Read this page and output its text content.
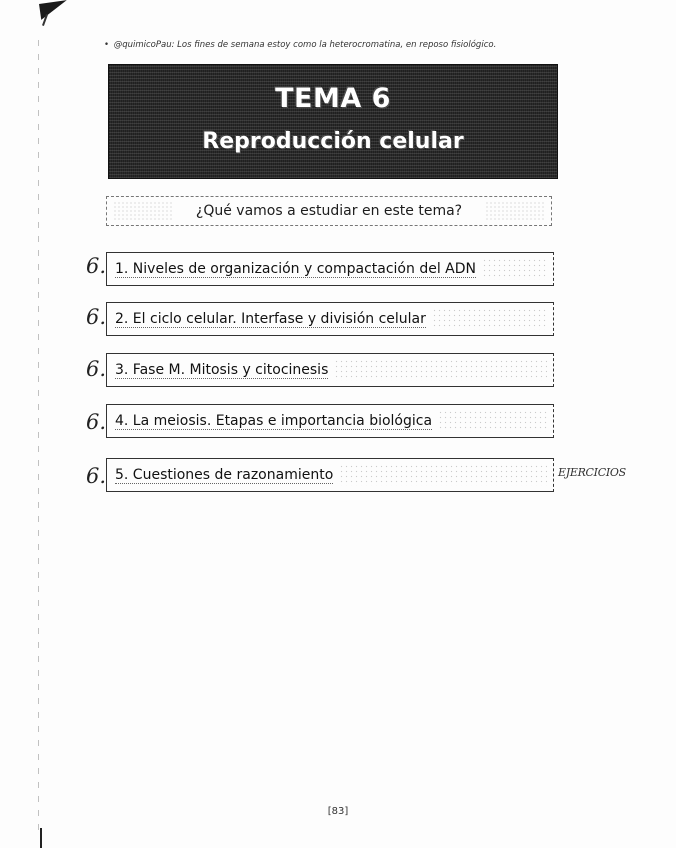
• @quimicoPau: Los fines de semana estoy como la heterocromatina, en reposo fisiológico.
TEMA 6
Reproducción celular
¿Qué vamos a estudiar en este tema?
6. 1. Niveles de organización y compactación del ADN
6. 2. El ciclo celular. Interfase y división celular
6. 3. Fase M. Mitosis y citocinesis
6. 4. La meiosis. Etapas e importancia biológica
6. 5. Cuestiones de razonamiento	EJERCICIOS
[83]
